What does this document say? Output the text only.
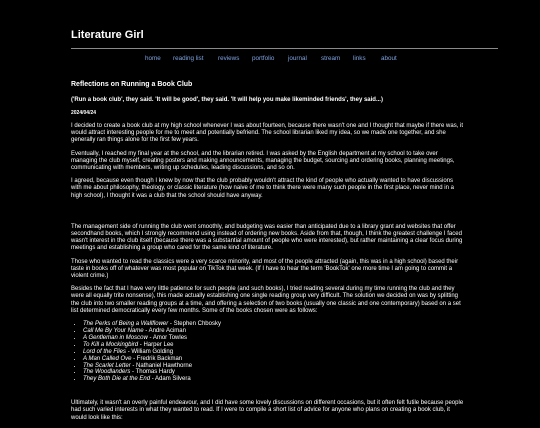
Literature Girl
home reading list reviews portfolio journal stream links about
Reflections on Running a Book Club
('Run a book club', they said. 'It will be good', they said. 'It will help you make likeminded friends', they said...)
2024/04/24

I decided to create a book club at my high school whenever I was about fourteen, because there wasn't one and I thought that maybe if there was, it would attract interesting people for me to meet and potentially befriend. The school librarian liked my idea, so we made one together, and she generally ran things alone for the first few years.

Eventually, I reached my final year at the school, and the librarian retired. I was asked by the English department at my school to take over managing the club myself, creating posters and making announcements, managing the budget, sourcing and ordering books, planning meetings, communicating with members, writing up schedules, leading discussions, and so on.

I agreed, because even though I knew by now that the club probably wouldn't attract the kind of people who actually wanted to have discussions with me about philosophy, theology, or classic literature (how naive of me to think there were many such people in the first place, never mind in a high school), I thought it was a club that the school should have anyway.

The management side of running the club went smoothly, and budgeting was easier than anticipated due to a library grant and websites that offer secondhand books, which I strongly recommend using instead of ordering new books. Aside from that, though, I think the greatest challenge I faced wasn't interest in the club itself (because there was a substantial amount of people who were interested), but rather maintaining a clear focus during meetings and establishing a group who cared for the same kind of literature.

Those who wanted to read the classics were a very scarce minority, and most of the people attracted (again, this was in a high school) based their taste in books off of whatever was most popular on TikTok that week. (If I have to hear the term 'BookTok' one more time I am going to commit a violent crime.)

Besides the fact that I have very little patience for such people (and such books), I tried reading several during my time running the club and they were all equally trite nonsense), this made actually establishing one single reading group very difficult. The solution we decided on was by splitting the club into two smaller reading groups at a time, and offering a selection of two books (usually one classic and one contemporary) based on a set list determined democratically every few months. Some of the books chosen were as follows:

• The Perks of Being a Wallflower - Stephen Chbosky
• Call Me By Your Name - Andre Aciman
• A Gentleman in Moscow - Amor Towles
• To Kill a Mockingbird - Harper Lee
• Lord of the Flies - William Golding
• A Man Called Ove - Fredrik Backman
• The Scarlet Letter - Nathaniel Hawthorne
• The Woodlanders - Thomas Hardy
• They Both Die at the End - Adam Silvera

Ultimately, it wasn't an overly painful endeavour, and I did have some lovely discussions on different occasions, but it often felt futile because people had such varied interests in what they wanted to read. If I were to compile a short list of advice for anyone who plans on creating a book club, it would look like this:
